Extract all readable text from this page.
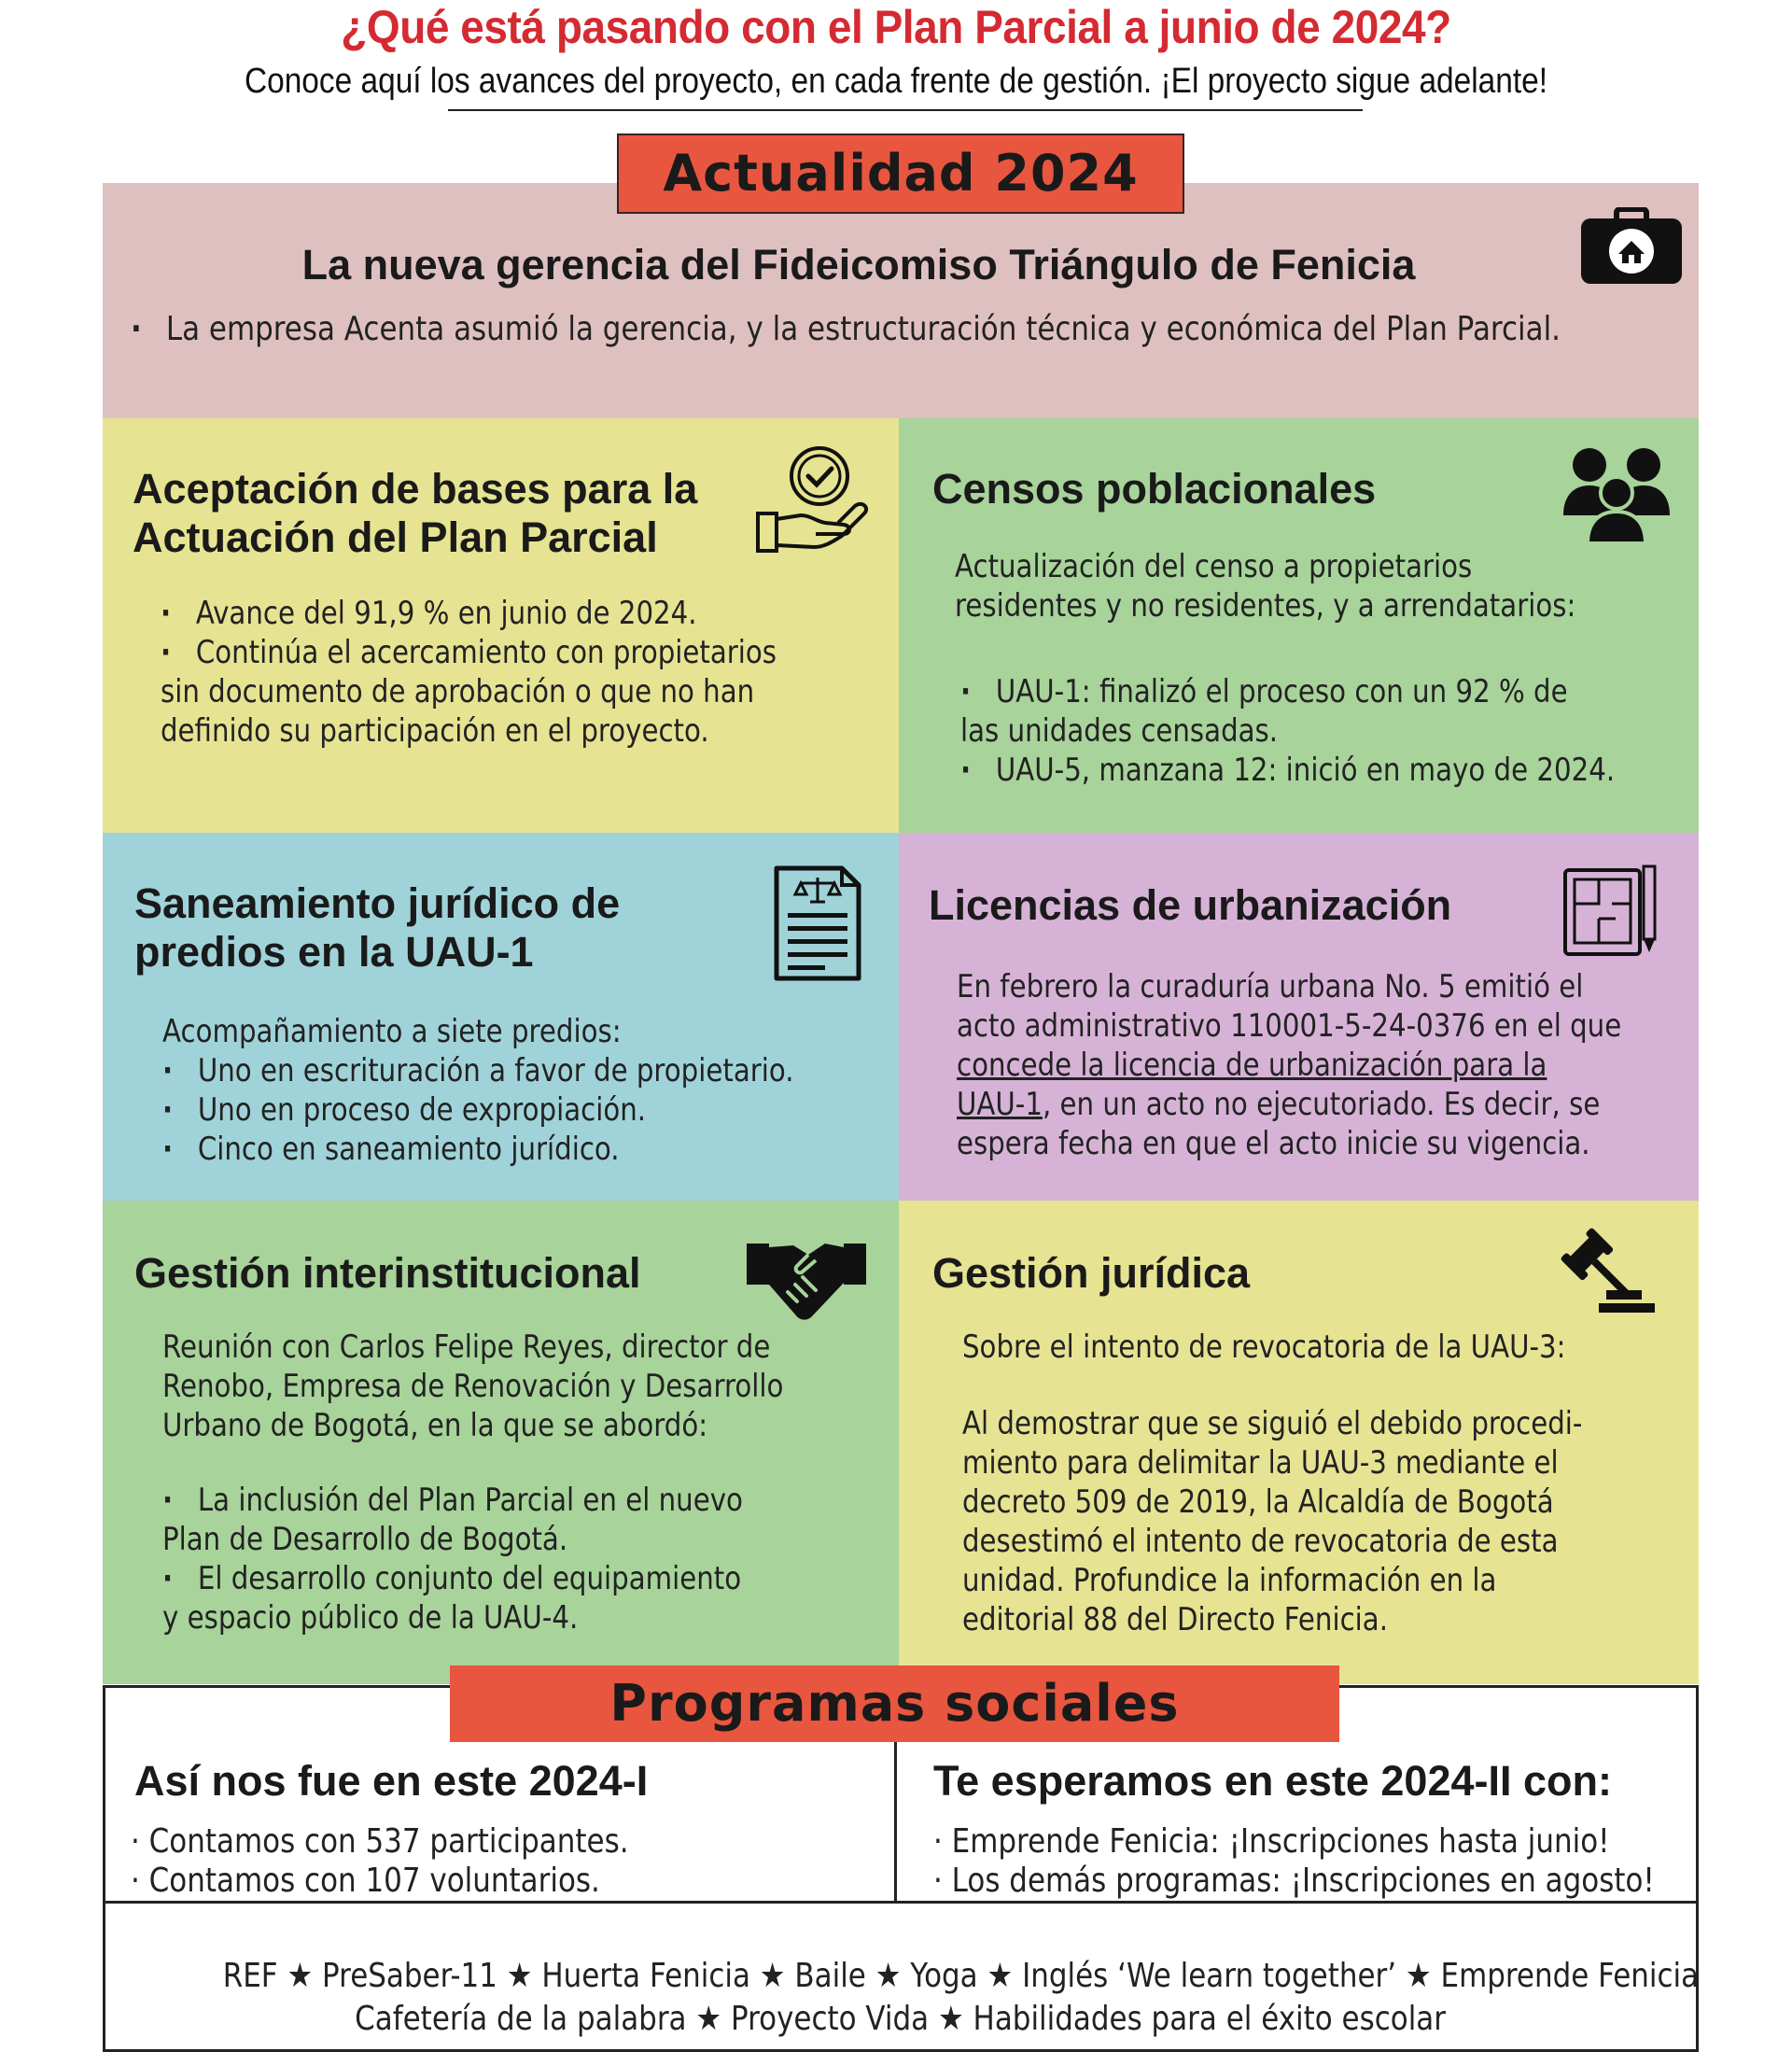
¿Qué está pasando con el Plan Parcial a junio de 2024?
Conoce aquí los avances del proyecto, en cada frente de gestión. ¡El proyecto sigue adelante!
La nueva gerencia del Fideicomiso Triángulo de Fenicia
· La empresa Acenta asumió la gerencia, y la estructuración técnica y económica del Plan Parcial.
Actualidad 2024
Aceptación de bases para la
Actuación del Plan Parcial
· Avance del 91,9 % en junio de 2024.
· Continúa el acercamiento con propietarios
sin documento de aprobación o que no han
definido su participación en el proyecto.
Censos poblacionales
Actualización del censo a propietarios
residentes y no residentes, y a arrendatarios:
· UAU-1: finalizó el proceso con un 92 % de
las unidades censadas.
· UAU-5, manzana 12: inició en mayo de 2024.
Saneamiento jurídico de
predios en la UAU-1
Acompañamiento a siete predios:
· Uno en escrituración a favor de propietario.
· Uno en proceso de expropiación.
· Cinco en saneamiento jurídico.
Licencias de urbanización
En febrero la curaduría urbana No. 5 emitió el
acto administrativo 110001-5-24-0376 en el que
concede la licencia de urbanización para la
UAU-1, en un acto no ejecutoriado. Es decir, se
espera fecha en que el acto inicie su vigencia.
Gestión interinstitucional
Reunión con Carlos Felipe Reyes, director de
Renobo, Empresa de Renovación y Desarrollo
Urbano de Bogotá, en la que se abordó:
· La inclusión del Plan Parcial en el nuevo
Plan de Desarrollo de Bogotá.
· El desarrollo conjunto del equipamiento
y espacio público de la UAU-4.
Gestión jurídica
Sobre el intento de revocatoria de la UAU-3:
Al demostrar que se siguió el debido procedi-
miento para delimitar la UAU-3 mediante el
decreto 509 de 2019, la Alcaldía de Bogotá
desestimó el intento de revocatoria de esta
unidad. Profundice la información en la
editorial 88 del Directo Fenicia.
Programas sociales
Así nos fue en este 2024-I
· Contamos con 537 participantes.
· Contamos con 107 voluntarios.
Te esperamos en este 2024-II con:
· Emprende Fenicia: ¡Inscripciones hasta junio!
· Los demás programas: ¡Inscripciones en agosto!
REF ★ PreSaber-11 ★ Huerta Fenicia ★ Baile ★ Yoga ★ Inglés ‘We learn together’ ★ Emprende Fenicia
Cafetería de la palabra ★ Proyecto Vida ★ Habilidades para el éxito escolar
